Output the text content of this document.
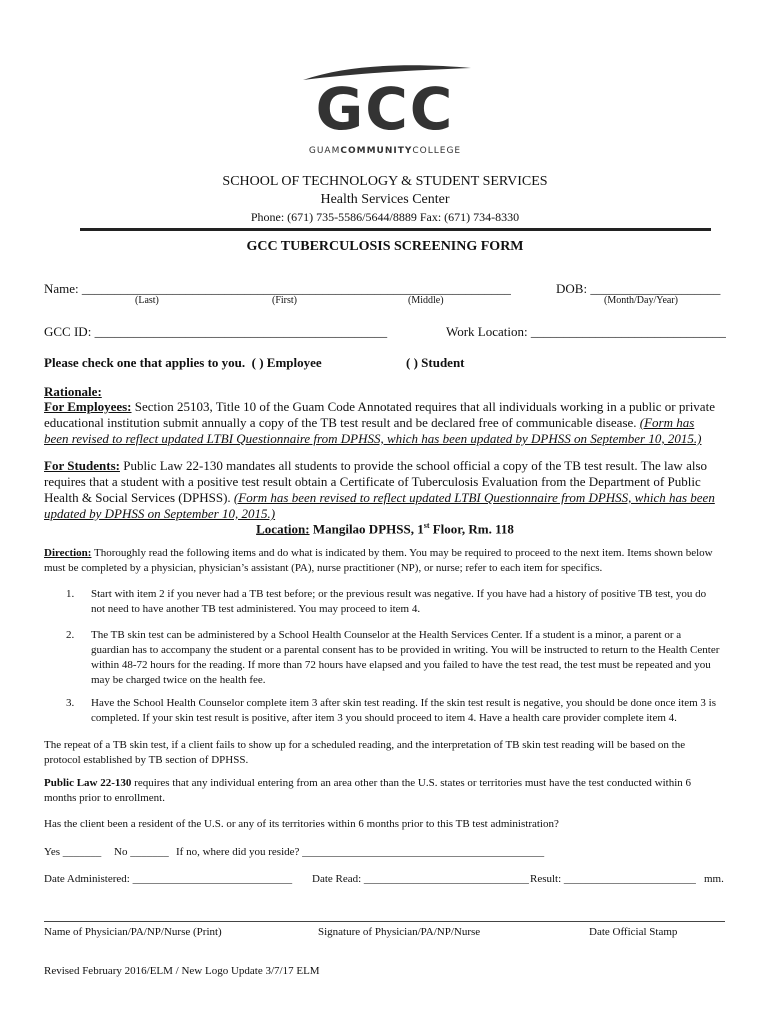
GCC
GUAMCOMMUNITYCOLLEGE
SCHOOL OF TECHNOLOGY & STUDENT SERVICES
Health Services Center
Phone: (671) 735-5586/5644/8889 Fax: (671) 734-8330
GCC TUBERCULOSIS SCREENING FORM
Name: __________________________________________________________________	DOB: ____________________
(Last)	(First)	(Middle)	(Month/Day/Year)
GCC ID: _____________________________________________	Work Location: ______________________________
Please check one that applies to you. ( ) Employee	( ) Student
Rationale:
For Employees: Section 25103, Title 10 of the Guam Code Annotated requires that all individuals working in a public or private educational institution submit annually a copy of the TB test result and be declared free of communicable disease. (Form has been revised to reflect updated LTBI Questionnaire from DPHSS, which has been updated by DPHSS on September 10, 2015.)
For Students: Public Law 22-130 mandates all students to provide the school official a copy of the TB test result. The law also requires that a student with a positive test result obtain a Certificate of Tuberculosis Evaluation from the Department of Public Health & Social Services (DPHSS). (Form has been revised to reflect updated LTBI Questionnaire from DPHSS, which has been updated by DPHSS on September 10, 2015.)
Location: Mangilao DPHSS, 1st Floor, Rm. 118
Direction: Thoroughly read the following items and do what is indicated by them. You may be required to proceed to the next item. Items shown below must be completed by a physician, physician’s assistant (PA), nurse practitioner (NP), or nurse; refer to each item for specifics.
1. Start with item 2 if you never had a TB test before; or the previous result was negative. If you have had a history of positive TB test, you do not need to have another TB test administered. You may proceed to item 4.
2. The TB skin test can be administered by a School Health Counselor at the Health Services Center. If a student is a minor, a parent or a guardian has to accompany the student or a parental consent has to be provided in writing. You will be instructed to return to the Health Center within 48-72 hours for the reading. If more than 72 hours have elapsed and you failed to have the test read, the test must be repeated and you may be charged twice on the health fee.
3. Have the School Health Counselor complete item 3 after skin test reading. If the skin test result is negative, you should be done once item 3 is completed. If your skin test result is positive, after item 3 you should proceed to item 4. Have a health care provider complete item 4.
The repeat of a TB skin test, if a client fails to show up for a scheduled reading, and the interpretation of TB skin test reading will be based on the protocol established by TB section of DPHSS.
Public Law 22-130 requires that any individual entering from an area other than the U.S. states or territories must have the test conducted within 6 months prior to enrollment.
Has the client been a resident of the U.S. or any of its territories within 6 months prior to this TB test administration?
Yes _______ No _______ If no, where did you reside? ____________________________________________
Date Administered: _____________________________ Date Read: ______________________________ Result: ________________________ mm.
Name of Physician/PA/NP/Nurse (Print)	Signature of Physician/PA/NP/Nurse	Date Official Stamp
Revised February 2016/ELM / New Logo Update 3/7/17 ELM
